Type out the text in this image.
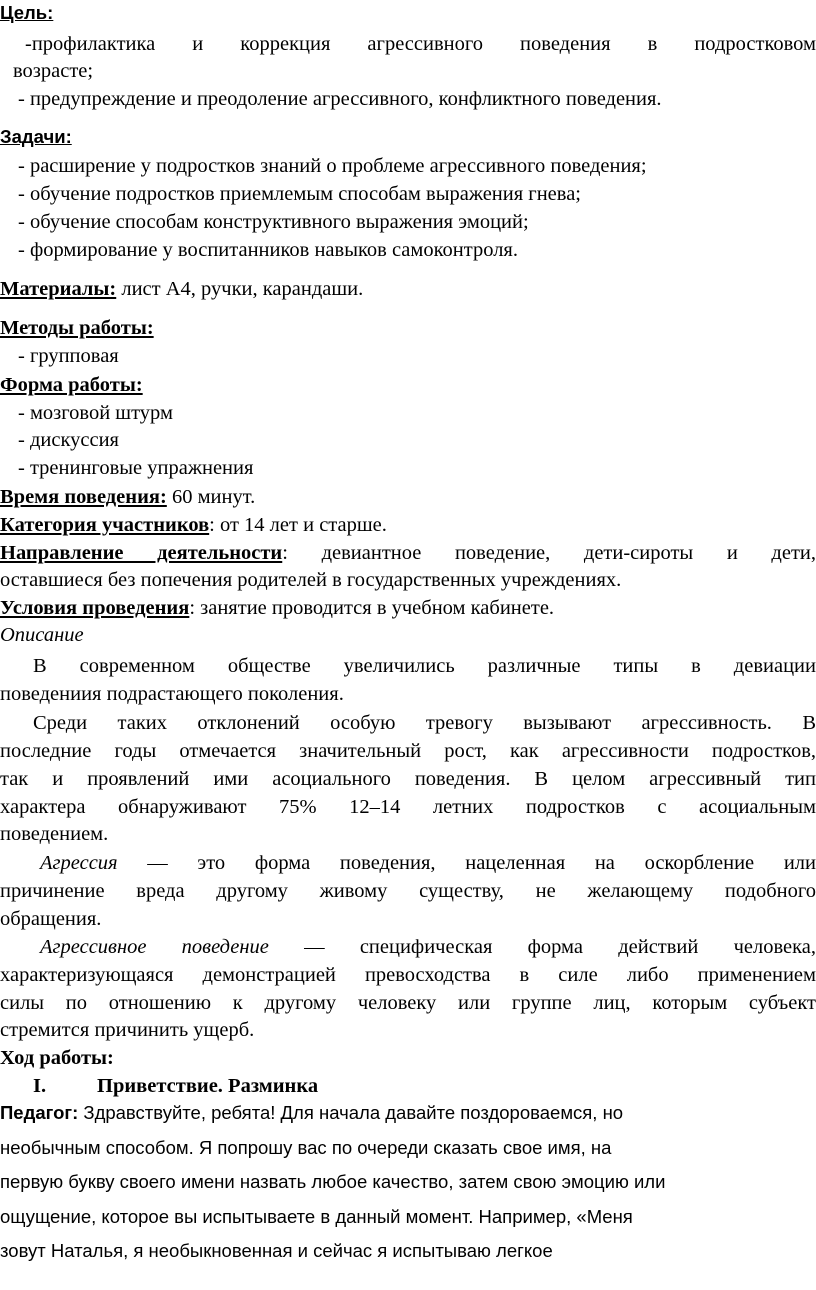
Цель:
-профилактика и коррекция агрессивного поведения в подростковом
возрасте;
- предупреждение и преодоление агрессивного, конфликтного поведения.
Задачи:
- расширение у подростков знаний о проблеме агрессивного поведения;
- обучение подростков приемлемым способам выражения гнева;
- обучение способам конструктивного выражения эмоций;
- формирование у воспитанников навыков самоконтроля.
Материалы: лист А4, ручки, карандаши.
Методы работы:
- групповая
Форма работы:
- мозговой штурм
- дискуссия
- тренинговые упражнения
Время поведения: 60 минут.
Категория участников: от 14 лет и старше.
Направление деятельности: девиантное поведение, дети-сироты и дети,
оставшиеся без попечения родителей в государственных учреждениях.
Условия проведения: занятие проводится в учебном кабинете.
Описание
В современном обществе увеличились различные типы в девиации
поведениия подрастающего поколения.
Среди таких отклонений особую тревогу вызывают агрессивность. В
последние годы отмечается значительный рост, как агрессивности подростков,
так и проявлений ими асоциального поведения. В целом агрессивный тип
характера обнаруживают 75% 12–14 летних подростков с асоциальным
поведением.
Агрессия — это форма поведения, нацеленная на оскорбление или
причинение вреда другому живому существу, не желающему подобного
обращения.
Агрессивное поведение — специфическая форма действий человека,
характеризующаяся демонстрацией превосходства в силе либо применением
силы по отношению к другому человеку или группе лиц, которым субъект
стремится причинить ущерб.
Ход работы:
I. Приветствие. Разминка
Педагог: Здравствуйте, ребята! Для начала давайте поздороваемся, но
необычным способом. Я попрошу вас по очереди сказать свое имя, на
первую букву своего имени назвать любое качество, затем свою эмоцию или
ощущение, которое вы испытываете в данный момент. Например, «Меня
зовут Наталья, я необыкновенная и сейчас я испытываю легкое
